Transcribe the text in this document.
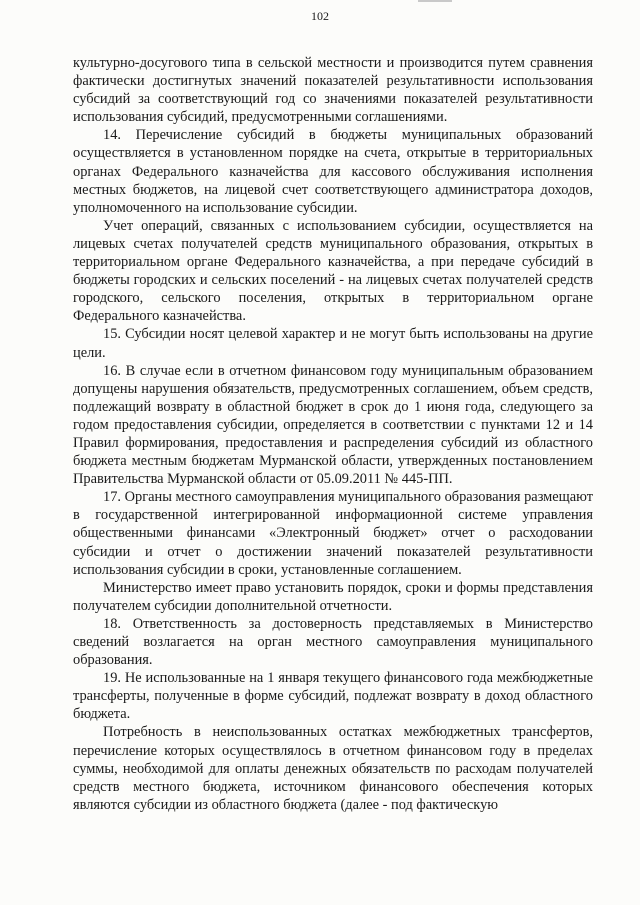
102

культурно-досугового типа в сельской местности и производится путем сравнения фактически достигнутых значений показателей результативности использования субсидий за соответствующий год со значениями показателей результативности использования субсидий, предусмотренными соглашениями.

14. Перечисление субсидий в бюджеты муниципальных образований осуществляется в установленном порядке на счета, открытые в территориальных органах Федерального казначейства для кассового обслуживания исполнения местных бюджетов, на лицевой счет соответствующего администратора доходов, уполномоченного на использование субсидии.

Учет операций, связанных с использованием субсидии, осуществляется на лицевых счетах получателей средств муниципального образования, открытых в территориальном органе Федерального казначейства, а при передаче субсидий в бюджеты городских и сельских поселений - на лицевых счетах получателей средств городского, сельского поселения, открытых в территориальном органе Федерального казначейства.

15. Субсидии носят целевой характер и не могут быть использованы на другие цели.

16. В случае если в отчетном финансовом году муниципальным образованием допущены нарушения обязательств, предусмотренных соглашением, объем средств, подлежащий возврату в областной бюджет в срок до 1 июня года, следующего за годом предоставления субсидии, определяется в соответствии с пунктами 12 и 14 Правил формирования, предоставления и распределения субсидий из областного бюджета местным бюджетам Мурманской области, утвержденных постановлением Правительства Мурманской области от 05.09.2011 № 445-ПП.

17. Органы местного самоуправления муниципального образования размещают в государственной интегрированной информационной системе управления общественными финансами «Электронный бюджет» отчет о расходовании субсидии и отчет о достижении значений показателей результативности использования субсидии в сроки, установленные соглашением.

Министерство имеет право установить порядок, сроки и формы представления получателем субсидии дополнительной отчетности.

18. Ответственность за достоверность представляемых в Министерство сведений возлагается на орган местного самоуправления муниципального образования.

19. Не использованные на 1 января текущего финансового года межбюджетные трансферты, полученные в форме субсидий, подлежат возврату в доход областного бюджета.

Потребность в неиспользованных остатках межбюджетных трансфертов, перечисление которых осуществлялось в отчетном финансовом году в пределах суммы, необходимой для оплаты денежных обязательств по расходам получателей средств местного бюджета, источником финансового обеспечения которых являются субсидии из областного бюджета (далее - под фактическую
